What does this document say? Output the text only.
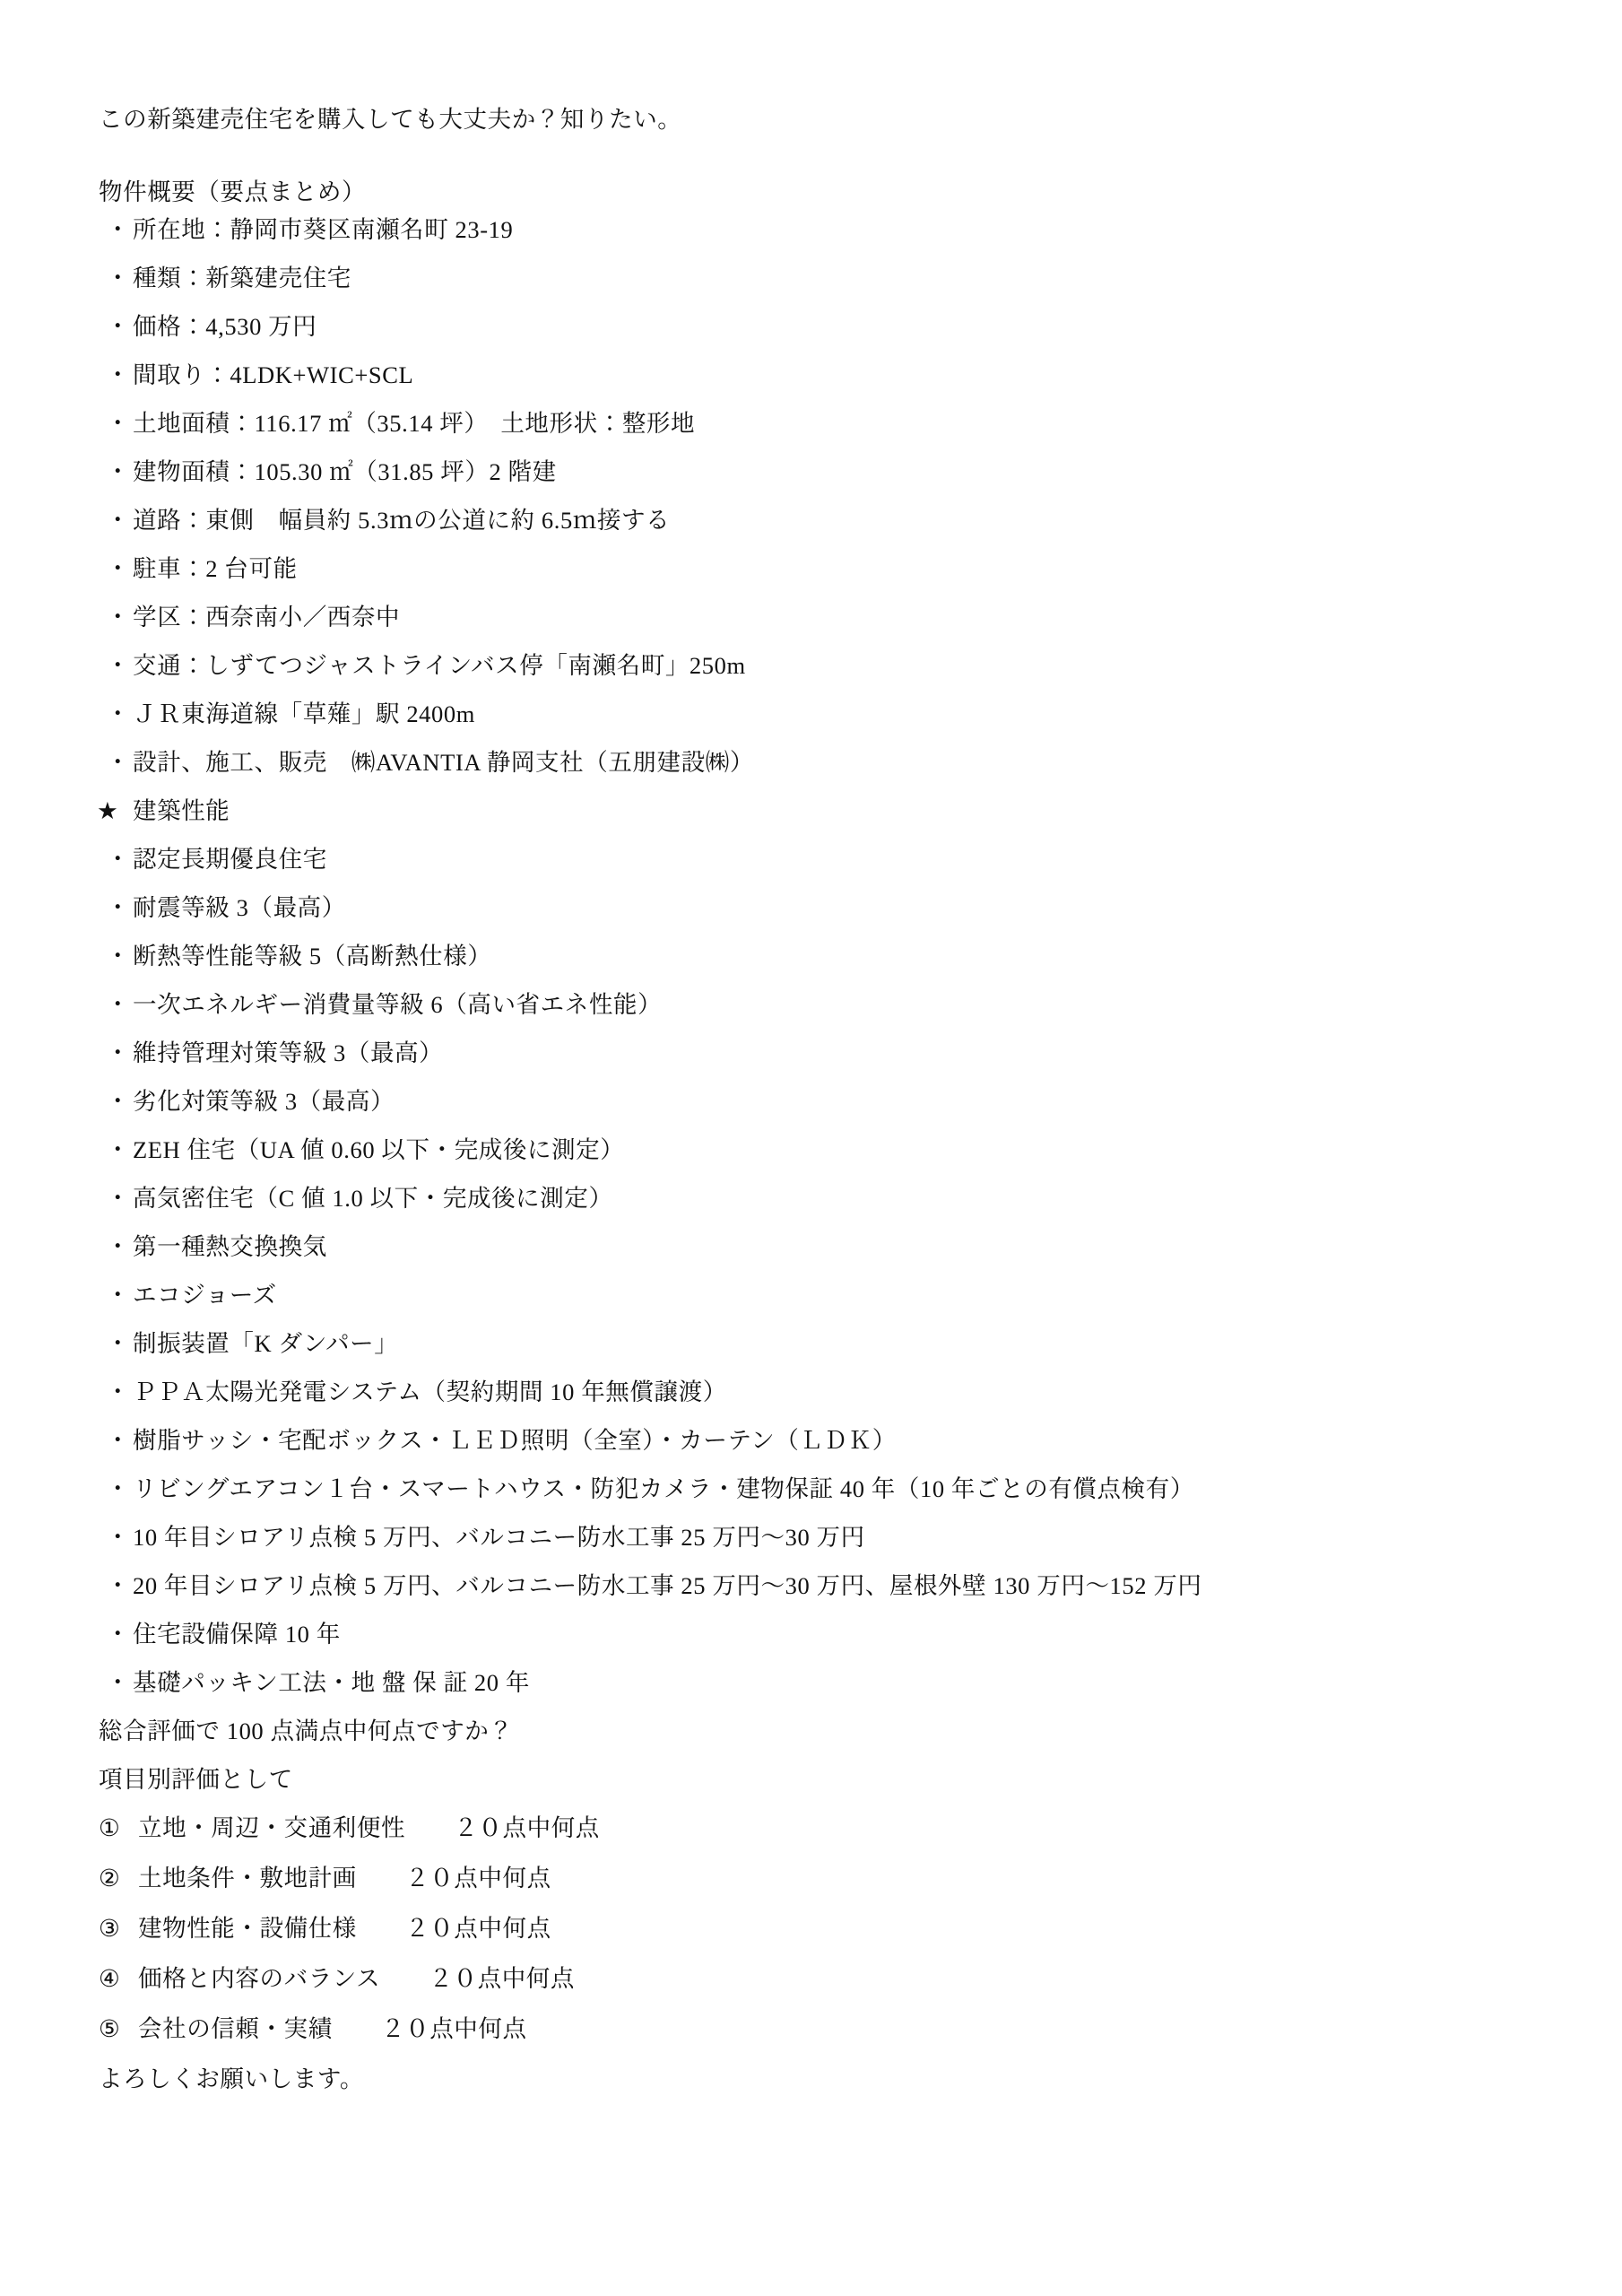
この新築建売住宅を購入しても大丈夫か？知りたい。

物件概要（要点まとめ）

・ 所在地：静岡市葵区南瀬名町 23-19
・ 種類：新築建売住宅
・ 価格：4,530 万円
・ 間取り：4LDK+WIC+SCL
・ 土地面積：116.17 ㎡（35.14 坪）　土地形状：整形地
・ 建物面積：105.30 ㎡（31.85 坪）2 階建
・ 道路：東側　幅員約 5.3ｍの公道に約 6.5ｍ接する
・ 駐車：2 台可能
・ 学区：西奈南小／西奈中
・ 交通：しずてつジャストラインバス停「南瀬名町」250m
・ ＪＲ東海道線「草薙」駅 2400m
・ 設計、施工、販売　㈱AVANTIA 静岡支社（五朋建設㈱）
★ 建築性能
・ 認定長期優良住宅
・ 耐震等級 3（最高）
・ 断熱等性能等級 5（高断熱仕様）
・ 一次エネルギー消費量等級 6（高い省エネ性能）
・ 維持管理対策等級 3（最高）
・ 劣化対策等級 3（最高）
・ ZEH 住宅（UA 値 0.60 以下・完成後に測定）
・ 高気密住宅（C 値 1.0 以下・完成後に測定）
・ 第一種熱交換換気
・ エコジョーズ
・ 制振装置「K ダンパー」
・ ＰＰＡ太陽光発電システム（契約期間 10 年無償譲渡）
・ 樹脂サッシ・宅配ボックス・ＬＥＤ照明（全室）・カーテン（ＬＤＫ）
・ リビングエアコン１台・スマートハウス・防犯カメラ・建物保証 40 年（10 年ごとの有償点検有）
・ 10 年目シロアリ点検 5 万円、バルコニー防水工事 25 万円～30 万円
・ 20 年目シロアリ点検 5 万円、バルコニー防水工事 25 万円～30 万円、屋根外壁 130 万円～152 万円
・ 住宅設備保障 10 年
・ 基礎パッキン工法・地 盤 保 証 20 年

総合評価で 100 点満点中何点ですか？

項目別評価として

① 立地・周辺・交通利便性　　２０点中何点
② 土地条件・敷地計画　　２０点中何点
③ 建物性能・設備仕様　　２０点中何点
④ 価格と内容のバランス　　２０点中何点
⑤ 会社の信頼・実績　　２０点中何点

よろしくお願いします。
